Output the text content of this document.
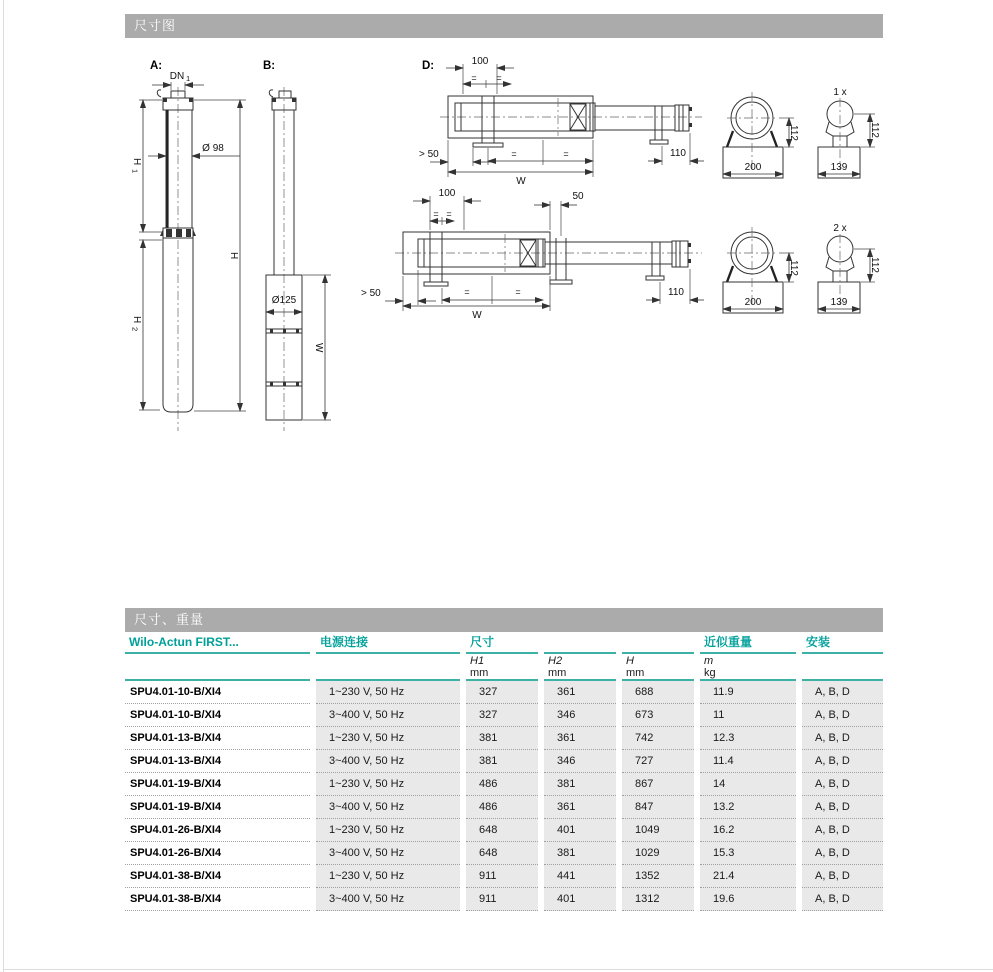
尺寸图
A:
DN 1
Ø 98
H
1
H
2
H
B:
Ø125
W
D:	100
= =
> 50	=	=	110
W
112
200
1 x
139
112
100
= =
50
> 50	=	=	110
W
112
200
2 x
139
112
尺寸、重量
Wilo-Actun FIRST...	电源连接	尺寸	近似重量	安装
H1
mm
H2
mm
H
mm
m
kg
SPU4.01-10-B/XI4	1~230 V, 50 Hz	327	361	688	11.9	A, B, D
SPU4.01-10-B/XI4	3~400 V, 50 Hz	327	346	673	11	A, B, D
SPU4.01-13-B/XI4	1~230 V, 50 Hz	381	361	742	12.3	A, B, D
SPU4.01-13-B/XI4	3~400 V, 50 Hz	381	346	727	11.4	A, B, D
SPU4.01-19-B/XI4	1~230 V, 50 Hz	486	381	867	14	A, B, D
SPU4.01-19-B/XI4	3~400 V, 50 Hz	486	361	847	13.2	A, B, D
SPU4.01-26-B/XI4	1~230 V, 50 Hz	648	401	1049	16.2	A, B, D
SPU4.01-26-B/XI4	3~400 V, 50 Hz	648	381	1029	15.3	A, B, D
SPU4.01-38-B/XI4	1~230 V, 50 Hz	911	441	1352	21.4	A, B, D
SPU4.01-38-B/XI4	3~400 V, 50 Hz	911	401	1312	19.6	A, B, D
